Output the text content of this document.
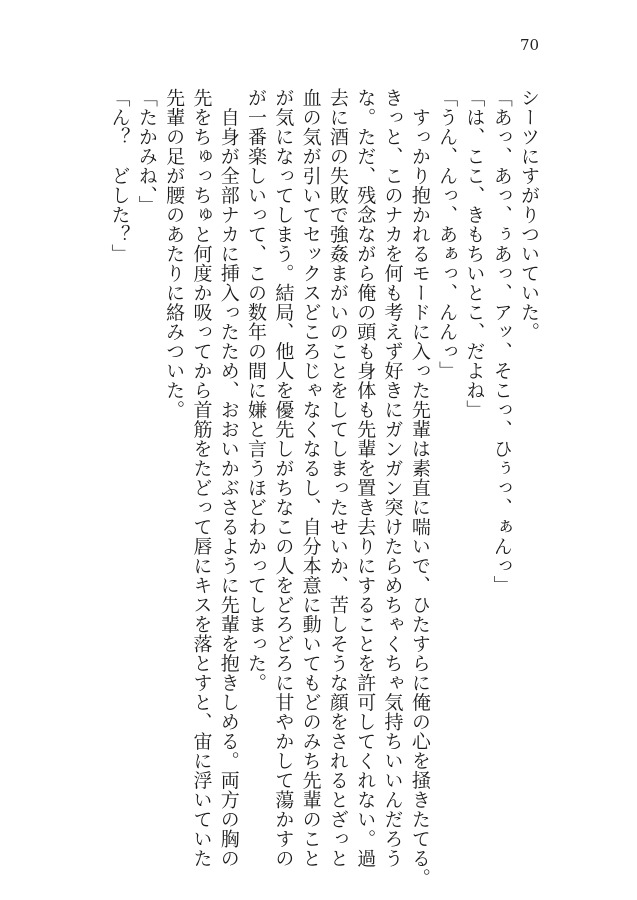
70

シーツにすがりついていた。

「あっ、あっ、ぅあっ、アッ、そこっ、ひぅっ、ぁんっ」

「は、ここ、きもちいとこ、だよね」

「うん、んっ、あぁっ、んんっ」

　すっかり抱かれるモードに入った先輩は素直に喘いで、ひたすらに俺の心を掻きたてる。

きっと、このナカを何も考えず好きにガンガン突けたらめちゃくちゃ気持ちいいんだろう

な。ただ、残念ながら俺の頭も身体も先輩を置き去りにすることを許可してくれない。過

去に酒の失敗で強姦まがいのことをしてしまったせいか、苦しそうな顔をされるとざっと

血の気が引いてセックスどころじゃなくなるし、自分本意に動いてもどのみち先輩のこと

が気になってしまう。結局、他人を優先しがちなこの人をどろどろに甘やかして蕩かすの

が一番楽しいって、この数年の間に嫌と言うほどわかってしまった。

　自身が全部ナカに挿入ったため、おおいかぶさるように先輩を抱きしめる。両方の胸の

先をちゅっちゅと何度か吸ってから首筋をたどって唇にキスを落とすと、宙に浮いていた

先輩の足が腰のあたりに絡みついた。

「たかみね、」

「ん？　どした？」
